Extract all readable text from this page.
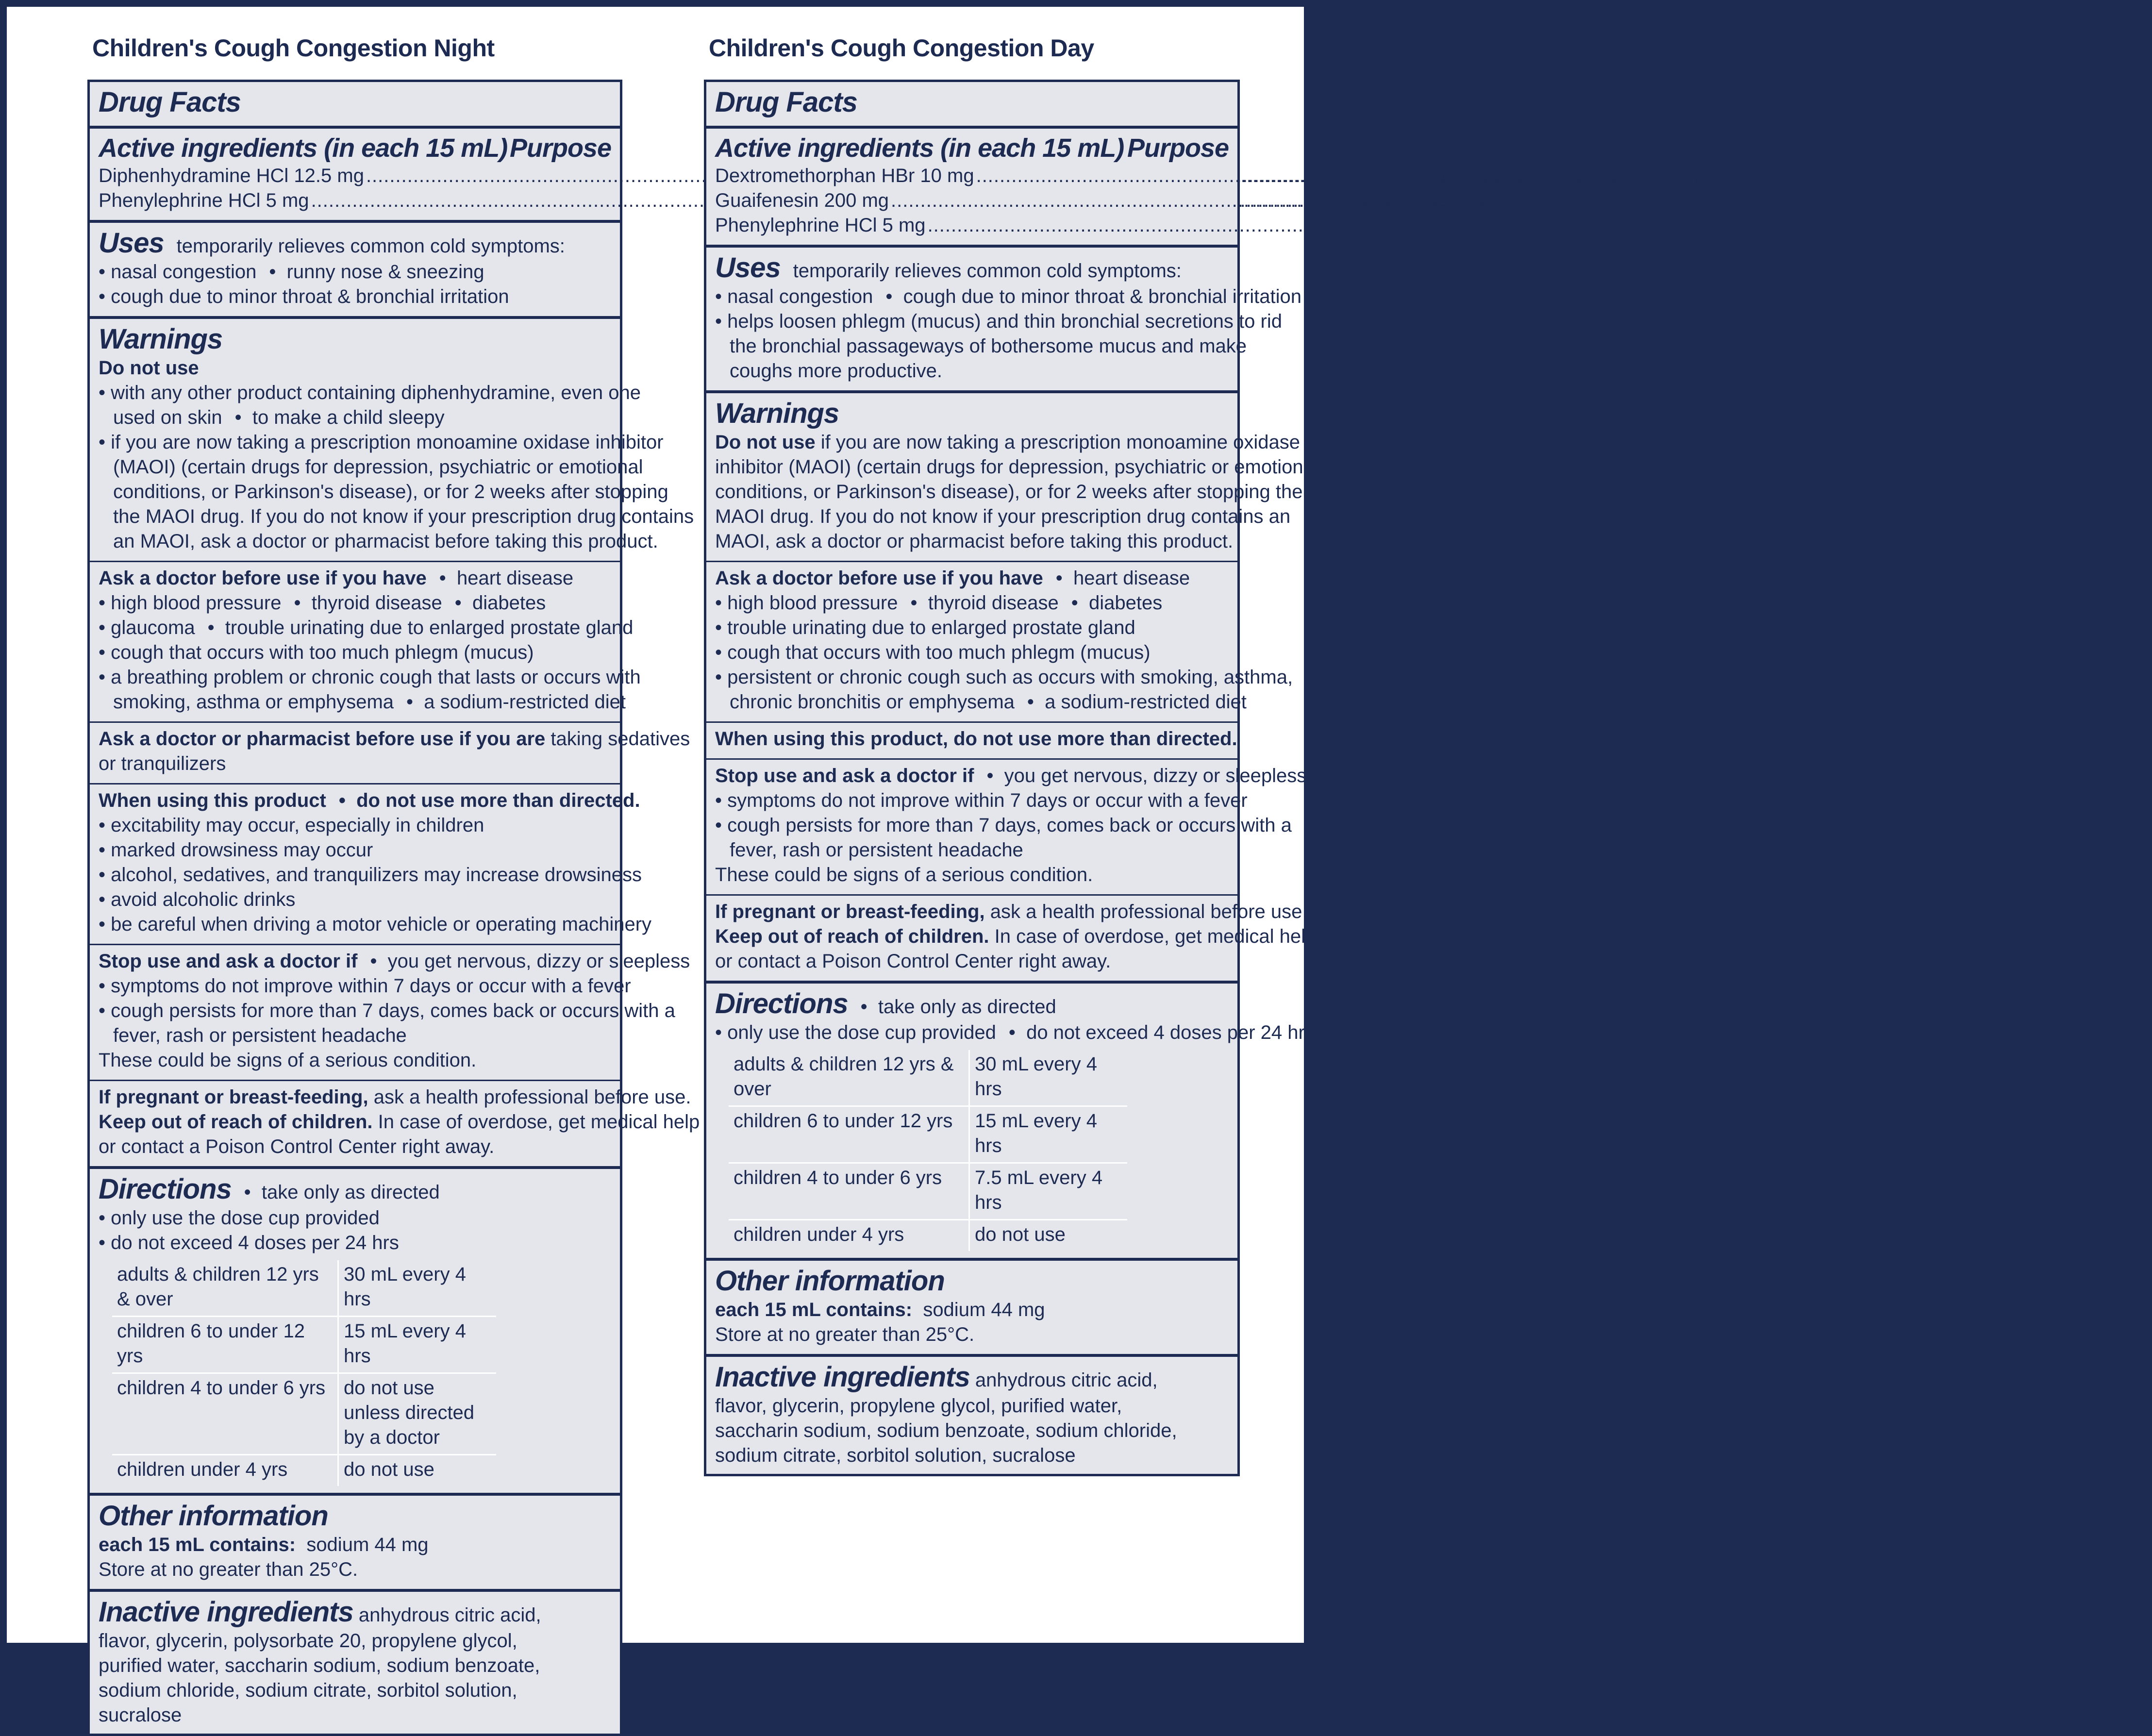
Children's Cough Congestion Night
Drug Facts
Active ingredients (in each 15 mL) Purpose
Diphenhydramine HCl 12.5 mg ...... .....	Antihistamine/Cough suppressant
Phenylephrine HCl 5 mg .....	Nasal decongestant
Uses temporarily relieves common cold symptoms:
• nasal congestion •  runny nose & sneezing
• cough due to minor throat & bronchial irritation
Warnings
Do not use
• with any other product containing diphenhydramine, even one
used on skin •  to make a child sleepy
• if you are now taking a prescription monoamine oxidase inhibitor
(MAOI) (certain drugs for depression, psychiatric or emotional
conditions, or Parkinson's disease), or for 2 weeks after stopping
the MAOI drug. If you do not know if your prescription drug contains
an MAOI, ask a doctor or pharmacist before taking this product.
Ask a doctor before use if you have •  heart disease
• high blood pressure •  thyroid disease •  diabetes
• glaucoma •  trouble urinating due to enlarged prostate gland
• cough that occurs with too much phlegm (mucus)
• a breathing problem or chronic cough that lasts or occurs with
smoking, asthma or emphysema •  a sodium-restricted diet
Ask a doctor or pharmacist before use if you are taking sedatives
or tranquilizers
When using this product •  do not use more than directed.
• excitability may occur, especially in children
• marked drowsiness may occur
• alcohol, sedatives, and tranquilizers may increase drowsiness
• avoid alcoholic drinks
• be careful when driving a motor vehicle or operating machinery
Stop use and ask a doctor if •  you get nervous, dizzy or sleepless
• symptoms do not improve within 7 days or occur with a fever
• cough persists for more than 7 days, comes back or occurs with a
fever, rash or persistent headache
These could be signs of a serious condition.
If pregnant or breast-feeding, ask a health professional before use.
Keep out of reach of children. In case of overdose, get medical help
or contact a Poison Control Center right away.
Directions •  take only as directed
• only use the dose cup provided
• do not exceed 4 doses per 24 hrs
adults & children 12 yrs & over	30 mL every 4 hrs
children 6 to under 12 yrs	15 mL every 4 hrs
children 4 to under 6 yrs	do not use unless directed by a doctor
children under 4 yrs	do not use
Other information
each 15 mL contains: sodium 44 mg
Store at no greater than 25°C.
Inactive ingredients anhydrous citric acid,
flavor, glycerin, polysorbate 20, propylene glycol,
purified water, saccharin sodium, sodium benzoate,
sodium chloride, sodium citrate, sorbitol solution,
sucralose
Children's Cough Congestion Day
Drug Facts
Active ingredients (in each 15 mL) Purpose
Dextromethorphan HBr 10 mg .....	Cough suppressant
Guaifenesin 200 mg .....	Expectorant
Phenylephrine HCl 5 mg .....	Nasal decongestant
Uses temporarily relieves common cold symptoms:
• nasal congestion •  cough due to minor throat & bronchial irritation
• helps loosen phlegm (mucus) and thin bronchial secretions to rid
the bronchial passageways of bothersome mucus and make
coughs more productive.
Warnings
Do not use if you are now taking a prescription monoamine oxidase
inhibitor (MAOI) (certain drugs for depression, psychiatric or emotional
conditions, or Parkinson's disease), or for 2 weeks after stopping the
MAOI drug. If you do not know if your prescription drug contains an
MAOI, ask a doctor or pharmacist before taking this product.
Ask a doctor before use if you have •  heart disease
• high blood pressure •  thyroid disease •  diabetes
• trouble urinating due to enlarged prostate gland
• cough that occurs with too much phlegm (mucus)
• persistent or chronic cough such as occurs with smoking, asthma,
chronic bronchitis or emphysema •  a sodium-restricted diet
When using this product, do not use more than directed.
Stop use and ask a doctor if •  you get nervous, dizzy or sleepless
• symptoms do not improve within 7 days or occur with a fever
• cough persists for more than 7 days, comes back or occurs with a
fever, rash or persistent headache
These could be signs of a serious condition.
If pregnant or breast-feeding, ask a health professional before use.
Keep out of reach of children. In case of overdose, get medical help
or contact a Poison Control Center right away.
Directions •  take only as directed
• only use the dose cup provided •  do not exceed 4 doses per 24 hrs
adults & children 12 yrs & over	30 mL every 4 hrs
children 6 to under 12 yrs	15 mL every 4 hrs
children 4 to under 6 yrs	7.5 mL every 4 hrs
children under 4 yrs	do not use
Other information
each 15 mL contains: sodium 44 mg
Store at no greater than 25°C.
Inactive ingredients anhydrous citric acid,
flavor, glycerin, propylene glycol, purified water,
saccharin sodium, sodium benzoate, sodium chloride,
sodium citrate, sorbitol solution, sucralose
